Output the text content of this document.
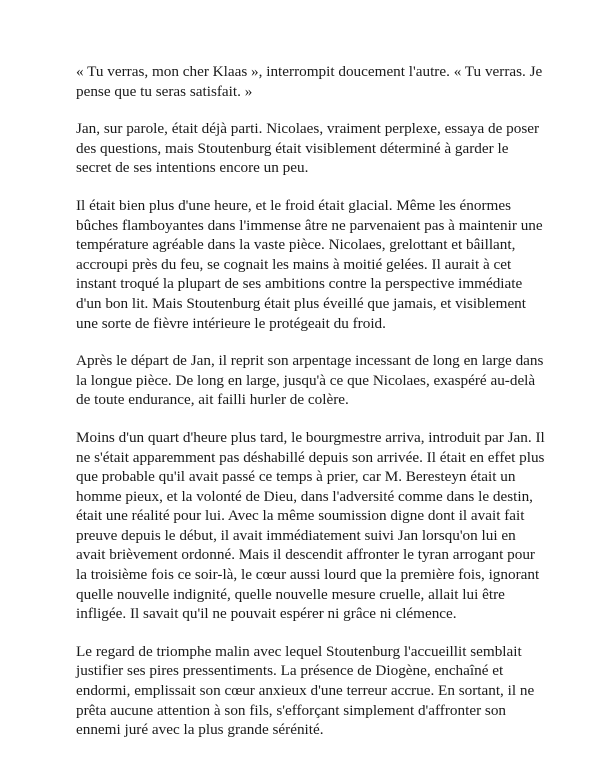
« Tu verras, mon cher Klaas », interrompit doucement l'autre. « Tu verras. Je pense que tu seras satisfait. »

Jan, sur parole, était déjà parti. Nicolaes, vraiment perplexe, essaya de poser des questions, mais Stoutenburg était visiblement déterminé à garder le secret de ses intentions encore un peu.

Il était bien plus d'une heure, et le froid était glacial. Même les énormes bûches flamboyantes dans l'immense âtre ne parvenaient pas à maintenir une température agréable dans la vaste pièce. Nicolaes, grelottant et bâillant, accroupi près du feu, se cognait les mains à moitié gelées. Il aurait à cet instant troqué la plupart de ses ambitions contre la perspective immédiate d'un bon lit. Mais Stoutenburg était plus éveillé que jamais, et visiblement une sorte de fièvre intérieure le protégeait du froid.

Après le départ de Jan, il reprit son arpentage incessant de long en large dans la longue pièce. De long en large, jusqu'à ce que Nicolaes, exaspéré au-delà de toute endurance, ait failli hurler de colère.

Moins d'un quart d'heure plus tard, le bourgmestre arriva, introduit par Jan. Il ne s'était apparemment pas déshabillé depuis son arrivée. Il était en effet plus que probable qu'il avait passé ce temps à prier, car M. Beresteyn était un homme pieux, et la volonté de Dieu, dans l'adversité comme dans le destin, était une réalité pour lui. Avec la même soumission digne dont il avait fait preuve depuis le début, il avait immédiatement suivi Jan lorsqu'on lui en avait brièvement ordonné. Mais il descendit affronter le tyran arrogant pour la troisième fois ce soir-là, le cœur aussi lourd que la première fois, ignorant quelle nouvelle indignité, quelle nouvelle mesure cruelle, allait lui être infligée. Il savait qu'il ne pouvait espérer ni grâce ni clémence.

Le regard de triomphe malin avec lequel Stoutenburg l'accueillit semblait justifier ses pires pressentiments. La présence de Diogène, enchaîné et endormi, emplissait son cœur anxieux d'une terreur accrue. En sortant, il ne prêta aucune attention à son fils, s'efforçant simplement d'affronter son ennemi juré avec la plus grande sérénité.
